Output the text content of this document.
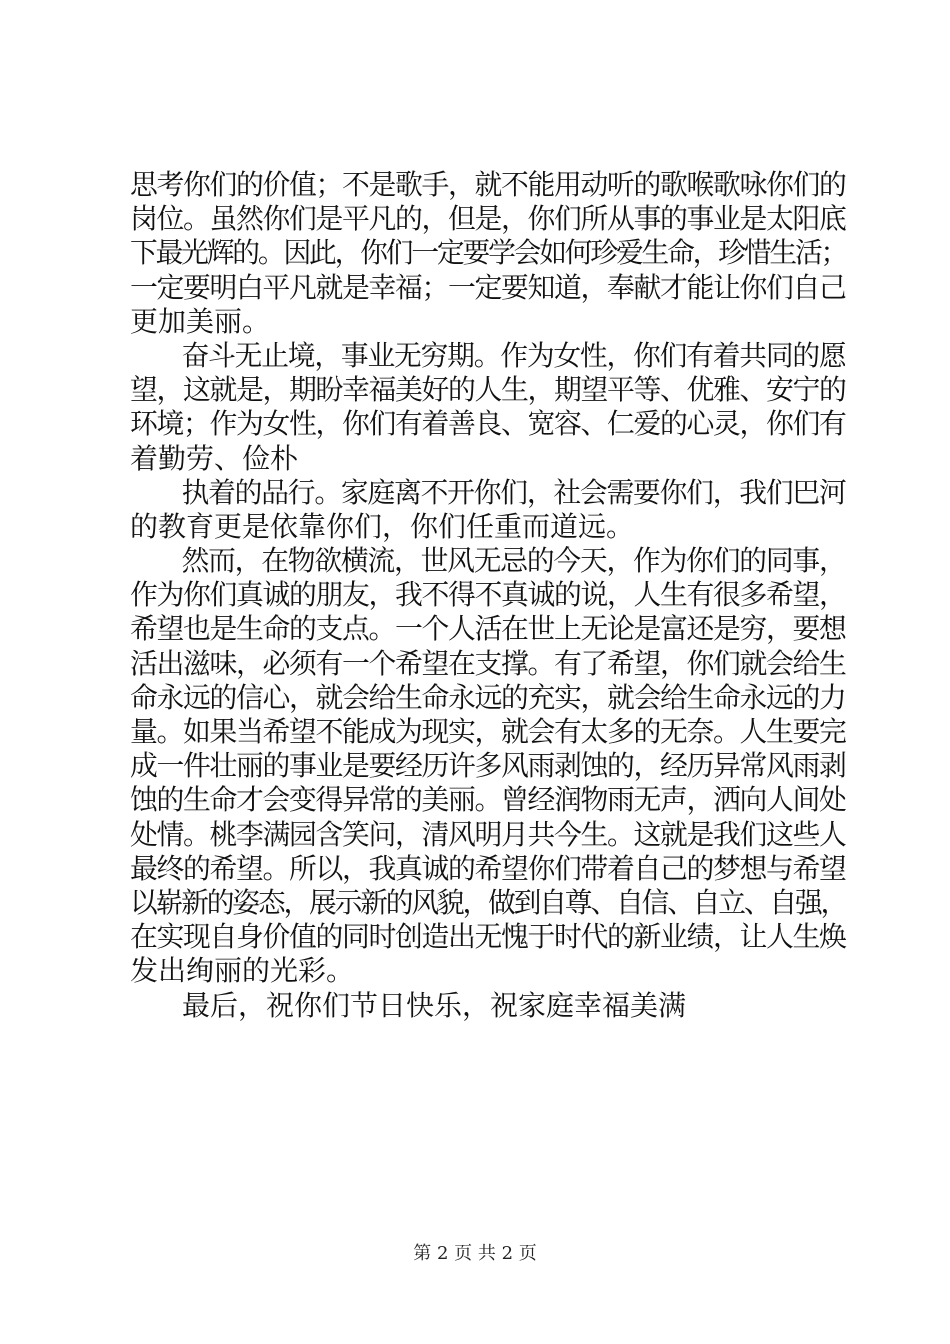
思考你们的价值；不是歌手，就不能用动听的歌喉歌咏你们的
岗位。虽然你们是平凡的，但是，你们所从事的事业是太阳底
下最光辉的。因此，你们一定要学会如何珍爱生命，珍惜生活；
一定要明白平凡就是幸福；一定要知道，奉献才能让你们自己
更加美丽。
奋斗无止境，事业无穷期。作为女性，你们有着共同的愿
望，这就是，期盼幸福美好的人生，期望平等、优雅、安宁的
环境；作为女性，你们有着善良、宽容、仁爱的心灵，你们有
着勤劳、俭朴
执着的品行。家庭离不开你们，社会需要你们，我们巴河
的教育更是依靠你们，你们任重而道远。
然而，在物欲横流，世风无忌的今天，作为你们的同事，
作为你们真诚的朋友，我不得不真诚的说，人生有很多希望，
希望也是生命的支点。一个人活在世上无论是富还是穷，要想
活出滋味，必须有一个希望在支撑。有了希望，你们就会给生
命永远的信心，就会给生命永远的充实，就会给生命永远的力
量。如果当希望不能成为现实，就会有太多的无奈。人生要完
成一件壮丽的事业是要经历许多风雨剥蚀的，经历异常风雨剥
蚀的生命才会变得异常的美丽。曾经润物雨无声，洒向人间处
处情。桃李满园含笑问，清风明月共今生。这就是我们这些人
最终的希望。所以，我真诚的希望你们带着自己的梦想与希望
以崭新的姿态，展示新的风貌，做到自尊、自信、自立、自强，
在实现自身价值的同时创造出无愧于时代的新业绩，让人生焕
发出绚丽的光彩。
最后，祝你们节日快乐，祝家庭幸福美满
第 2 页 共 2 页
